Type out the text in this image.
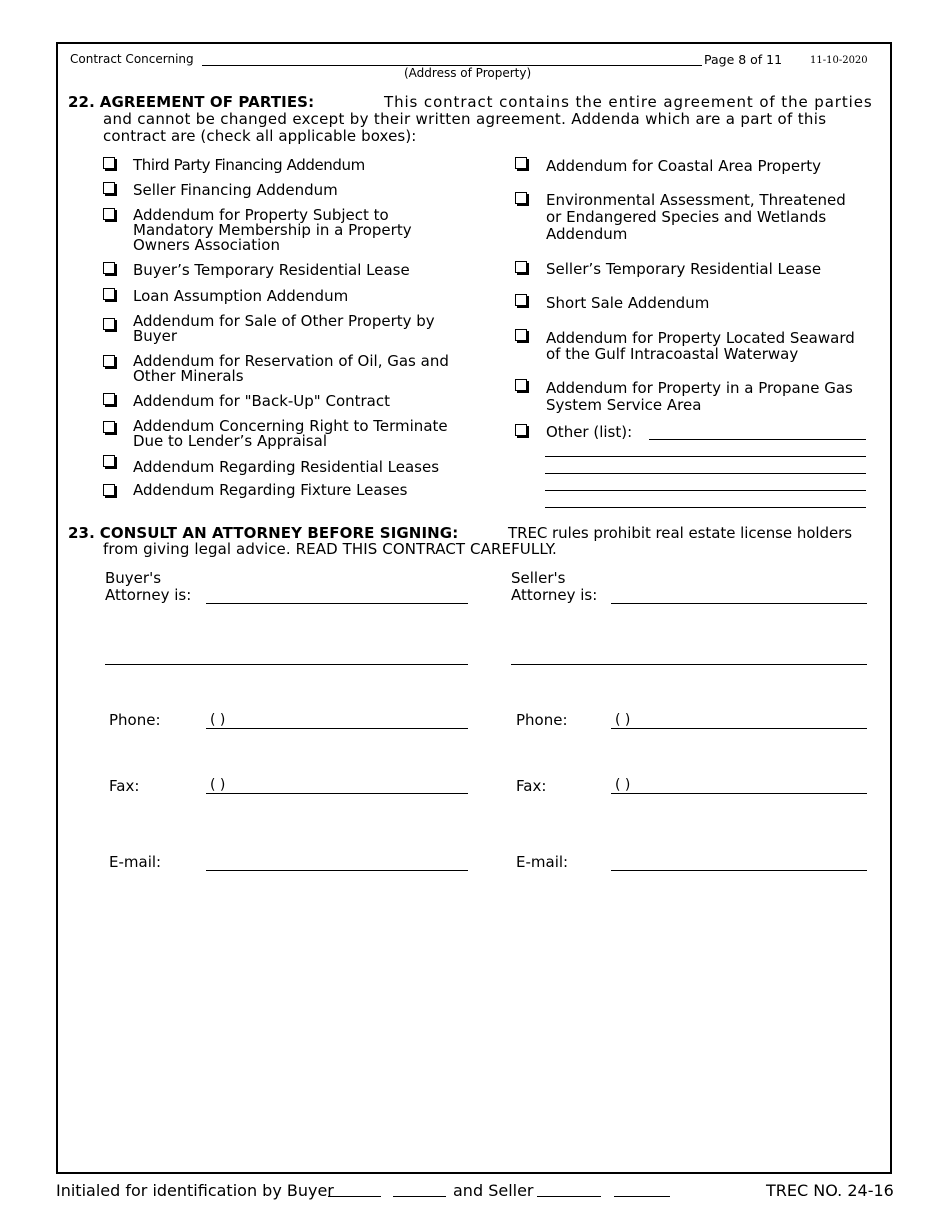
Contract Concerning
(Address of Property)
Page 8 of 11	11-10-2020
22. AGREEMENT OF PARTIES:	This contract contains the entire agreement of the parties
and cannot be changed except by their written agreement. Addenda which are a part of this
contract are (check all applicable boxes):
Third Party Financing Addendum
Seller Financing Addendum
Addendum for Property Subject to
Mandatory Membership in a Property
Owners Association
Buyer’s Temporary Residential Lease
Loan Assumption Addendum
Addendum for Sale of Other Property by
Buyer
Addendum for Reservation of Oil, Gas and
Other Minerals
Addendum for "Back-Up" Contract
Addendum Concerning Right to Terminate
Due to Lender’s Appraisal
Addendum Regarding Residential Leases
Addendum Regarding Fixture Leases
Addendum for Coastal Area Property
Environmental Assessment, Threatened
or Endangered Species and Wetlands
Addendum
Seller’s Temporary Residential Lease
Short Sale Addendum
Addendum for Property Located Seaward
of the Gulf Intracoastal Waterway
Addendum for Property in a Propane Gas
System Service Area
Other (list):
23. CONSULT AN ATTORNEY BEFORE SIGNING:	TREC rules prohibit real estate license holders
from giving legal advice. READ THIS CONTRACT CAREFULLY.
Buyer's
Attorney is:
Phone:	( )
Fax:	( )
E-mail:
Seller's
Attorney is:
Phone:	( )
Fax:	( )
E-mail:
Initialed for identification by Buyer	and Seller	TREC NO. 24-16
